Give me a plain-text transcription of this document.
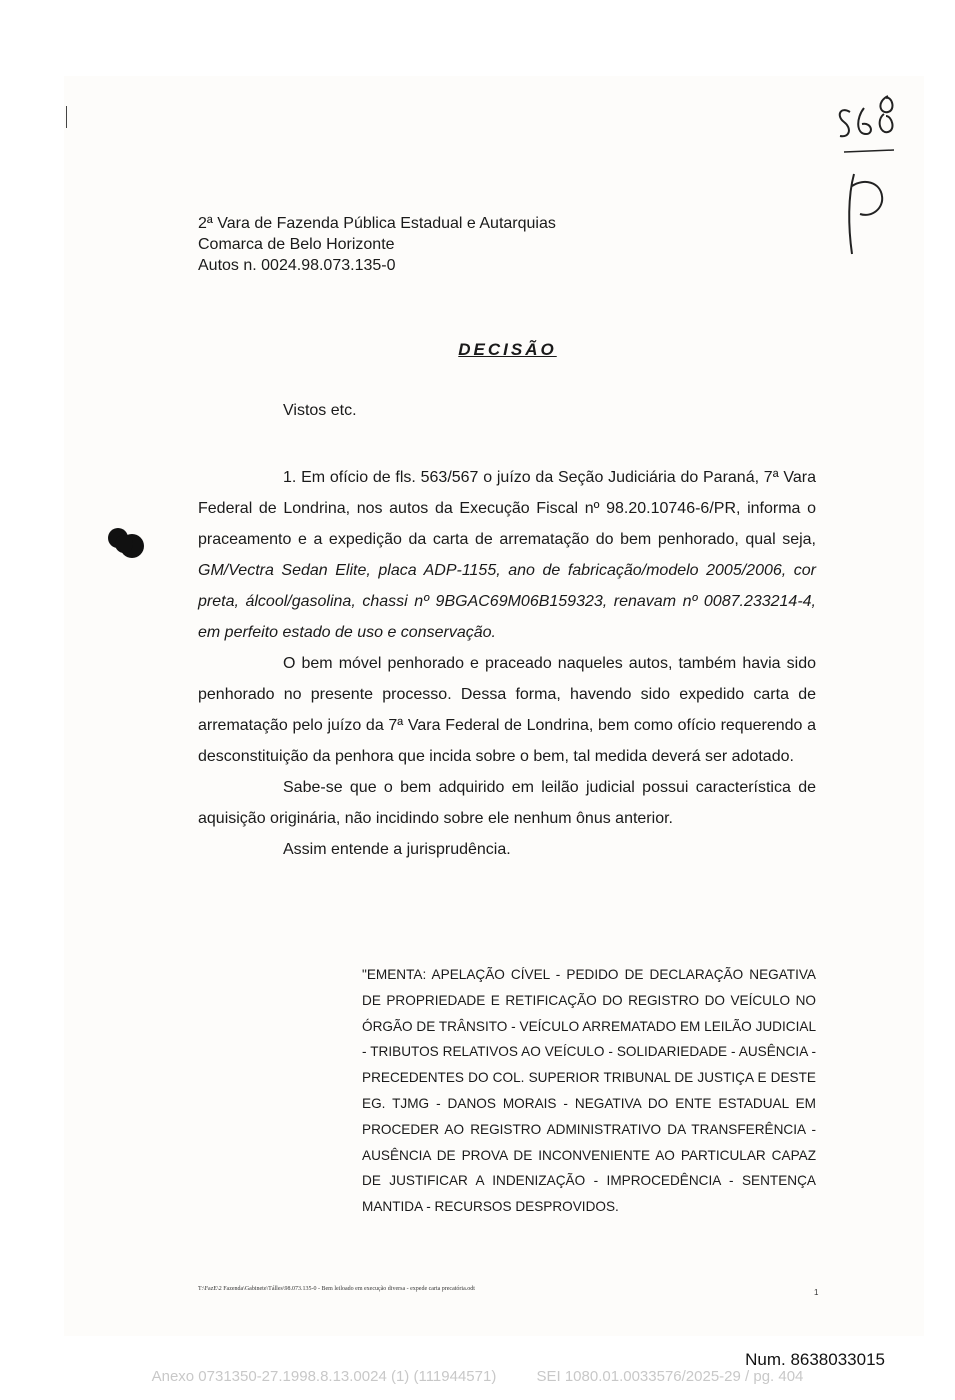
2ª Vara de Fazenda Pública Estadual e Autarquias
Comarca de Belo Horizonte
Autos n. 0024.98.073.135-0
DECISÃO
Vistos etc.

1. Em ofício de fls. 563/567 o juízo da Seção Judiciária do Paraná, 7ª Vara Federal de Londrina, nos autos da Execução Fiscal nº 98.20.10746-6/PR, informa o praceamento e a expedição da carta de arrematação do bem penhorado, qual seja, GM/Vectra Sedan Elite, placa ADP-1155, ano de fabricação/modelo 2005/2006, cor preta, álcool/gasolina, chassi nº 9BGAC69M06B159323, renavam nº 0087.233214-4, em perfeito estado de uso e conservação.

O bem móvel penhorado e praceado naqueles autos, também havia sido penhorado no presente processo. Dessa forma, havendo sido expedido carta de arrematação pelo juízo da 7ª Vara Federal de Londrina, bem como ofício requerendo a desconstituição da penhora que incida sobre o bem, tal medida deverá ser adotado.

Sabe-se que o bem adquirido em leilão judicial possui característica de aquisição originária, não incidindo sobre ele nenhum ônus anterior.

Assim entende a jurisprudência.

"EMENTA: APELAÇÃO CÍVEL - PEDIDO DE DECLARAÇÃO NEGATIVA DE PROPRIEDADE E RETIFICAÇÃO DO REGISTRO DO VEÍCULO NO ÓRGÃO DE TRÂNSITO - VEÍCULO ARREMATADO EM LEILÃO JUDICIAL - TRIBUTOS RELATIVOS AO VEÍCULO - SOLIDARIEDADE - AUSÊNCIA - PRECEDENTES DO COL. SUPERIOR TRIBUNAL DE JUSTIÇA E DESTE EG. TJMG - DANOS MORAIS - NEGATIVA DO ENTE ESTADUAL EM PROCEDER AO REGISTRO ADMINISTRATIVO DA TRANSFERÊNCIA - AUSÊNCIA DE PROVA DE INCONVENIENTE AO PARTICULAR CAPAZ DE JUSTIFICAR A INDENIZAÇÃO - IMPROCEDÊNCIA - SENTENÇA MANTIDA - RECURSOS DESPROVIDOS.
T:\FazE\2 Fazenda\Gabinete\Tálles\98.073.135-0 - Bem leiloado em execução diversa - expede carta precatória.odt	1
Num. 8638033015
Anexo 0731350-27.1998.8.13.0024 (1) (111944571)	SEI 1080.01.0033576/2025-29 / pg. 404
